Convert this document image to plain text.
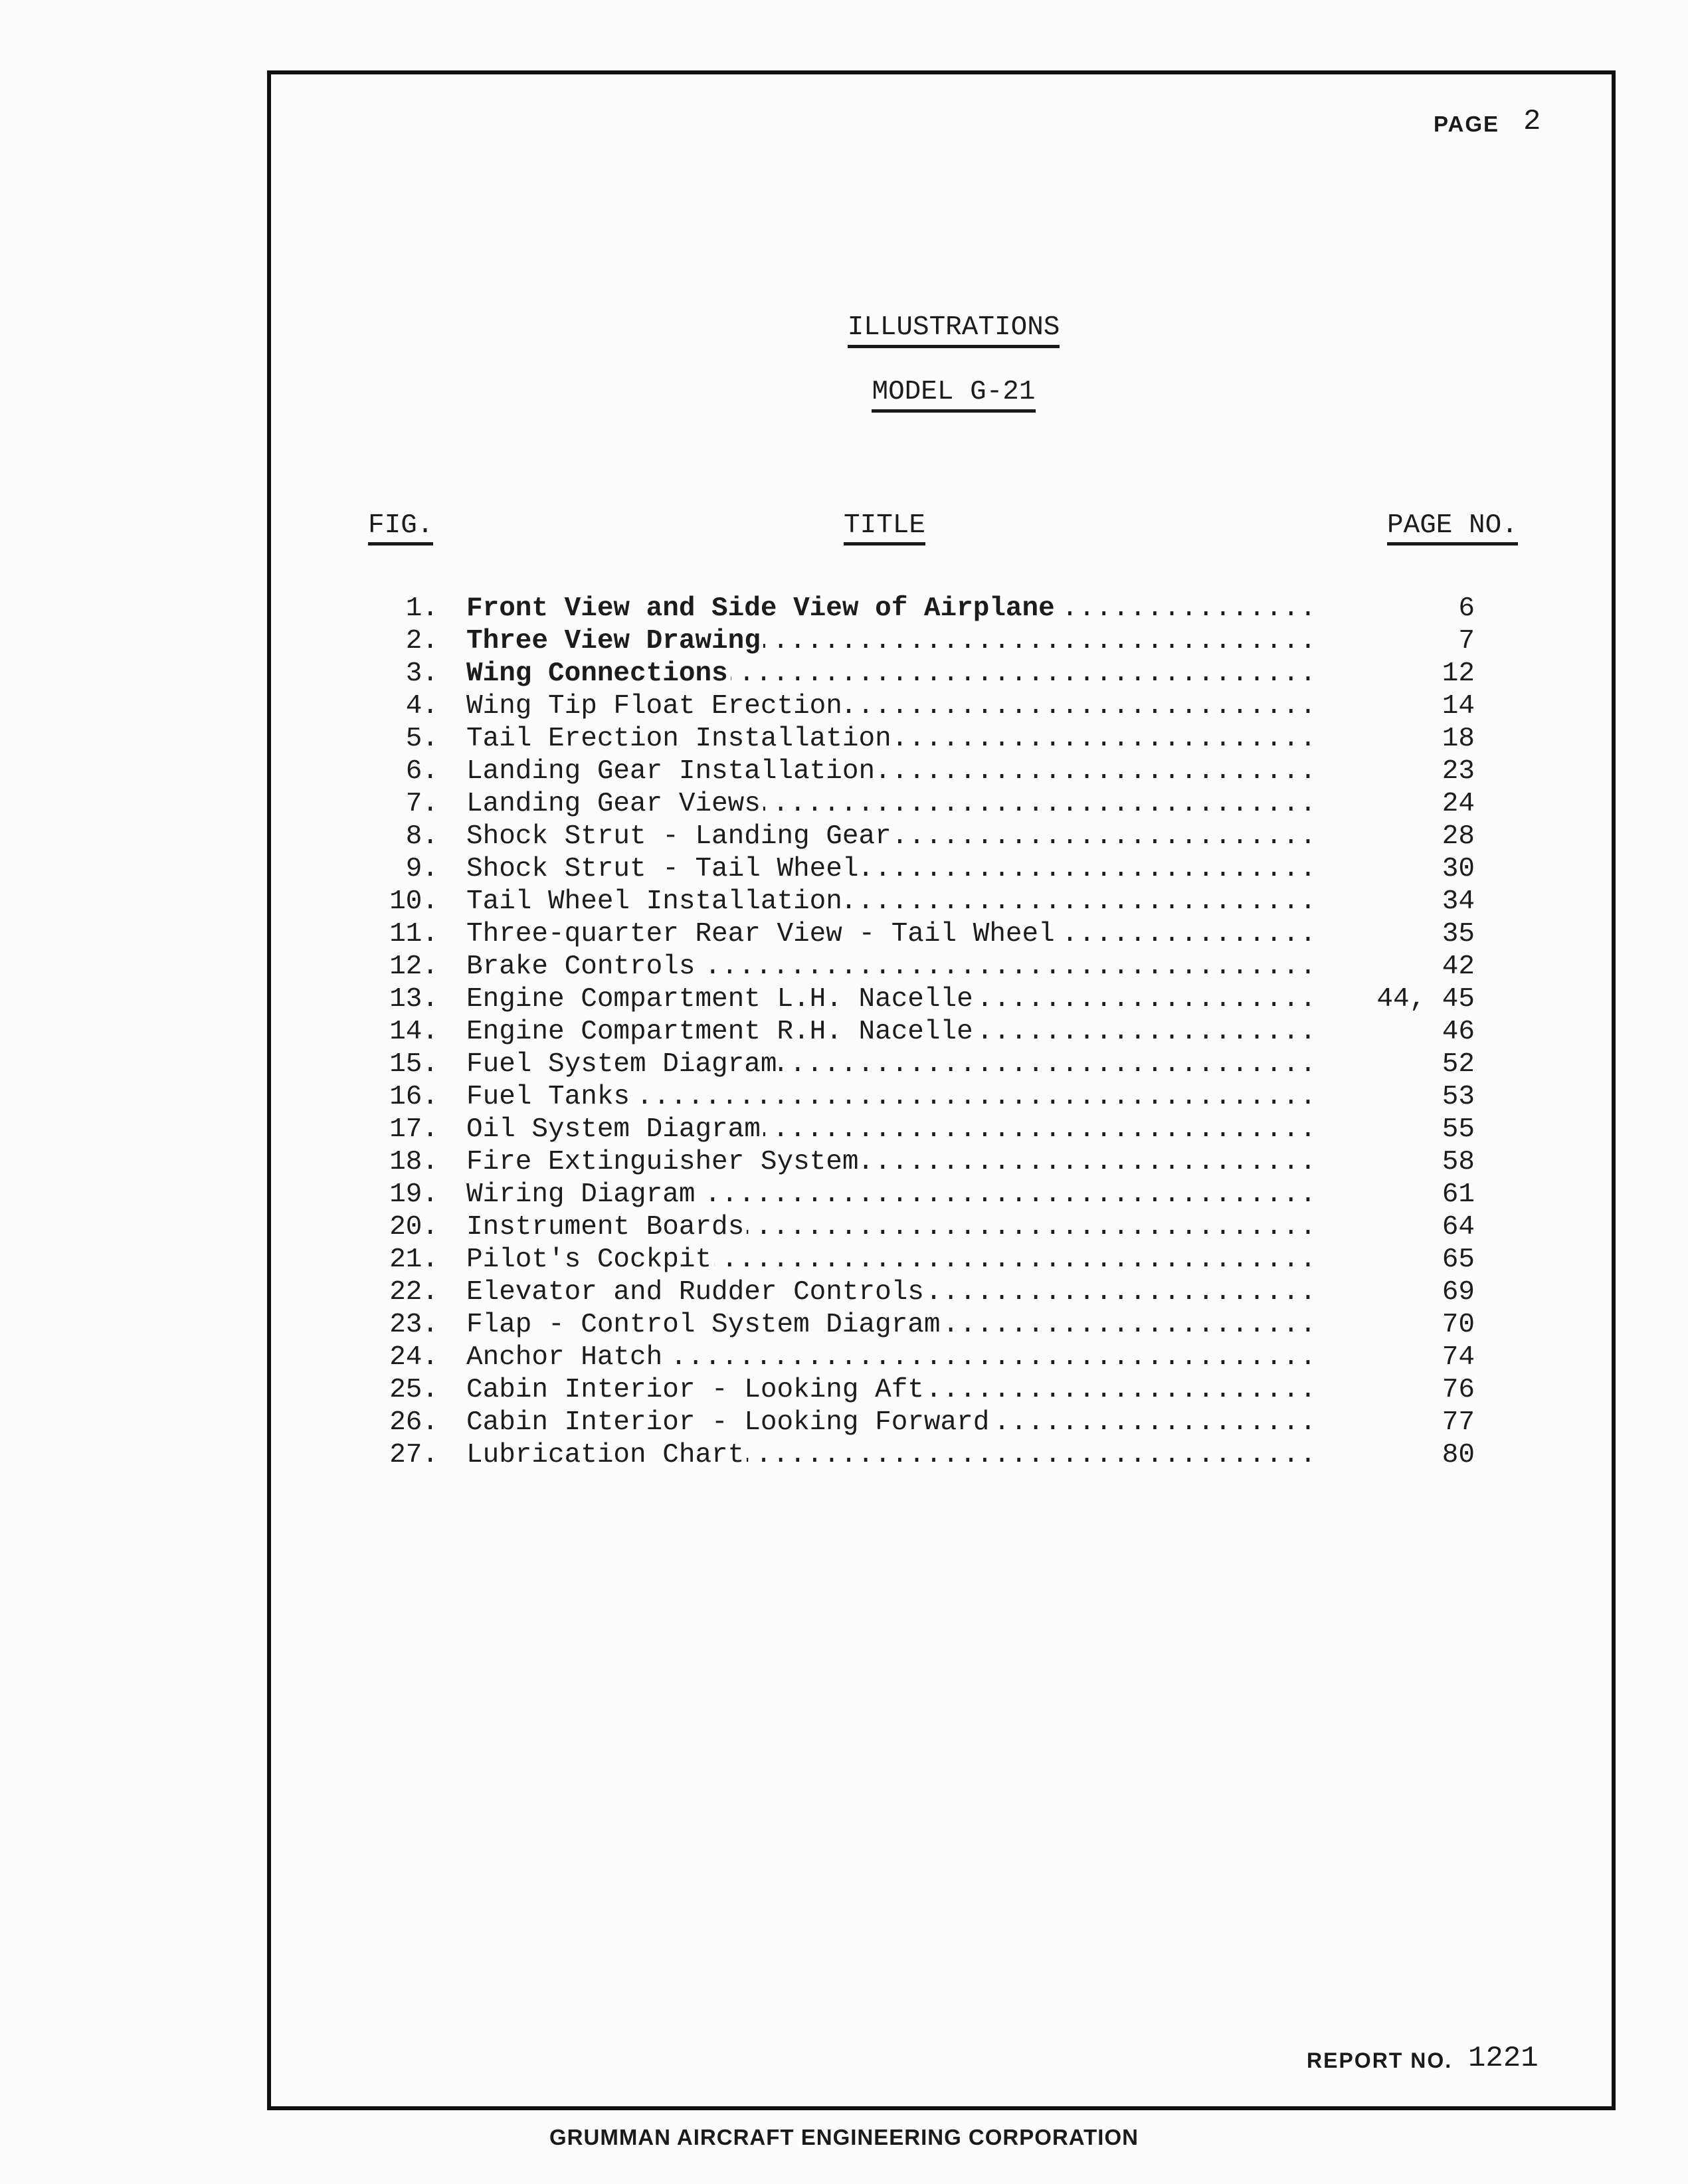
PAGE 2
ILLUSTRATIONS
MODEL G-21
FIG.	TITLE	PAGE NO.
1. Front View and Side View of Airplane .....	6
2. Three View Drawing .....	7
3. Wing Connections .....	12
4. Wing Tip Float Erection .....	14
5. Tail Erection Installation .....	18
6. Landing Gear Installation .....	23
7. Landing Gear Views .....	24
8. Shock Strut - Landing Gear .....	28
9. Shock Strut - Tail Wheel .....	30
10. Tail Wheel Installation .....	34
11. Three-quarter Rear View - Tail Wheel .....	35
12. Brake Controls .....	42
13. Engine Compartment L.H. Nacelle .....	44, 45
14. Engine Compartment R.H. Nacelle .....	46
15. Fuel System Diagram .....	52
16. Fuel Tanks .....	53
17. Oil System Diagram .....	55
18. Fire Extinguisher System .....	58
19. Wiring Diagram .....	61
20. Instrument Boards .....	64
21. Pilot's Cockpit .....	65
22. Elevator and Rudder Controls .....	69
23. Flap - Control System Diagram .....	70
24. Anchor Hatch .....	74
25. Cabin Interior - Looking Aft .....	76
26. Cabin Interior - Looking Forward .....	77
27. Lubrication Chart .....	80
REPORT NO. 1221
GRUMMAN AIRCRAFT ENGINEERING CORPORATION
